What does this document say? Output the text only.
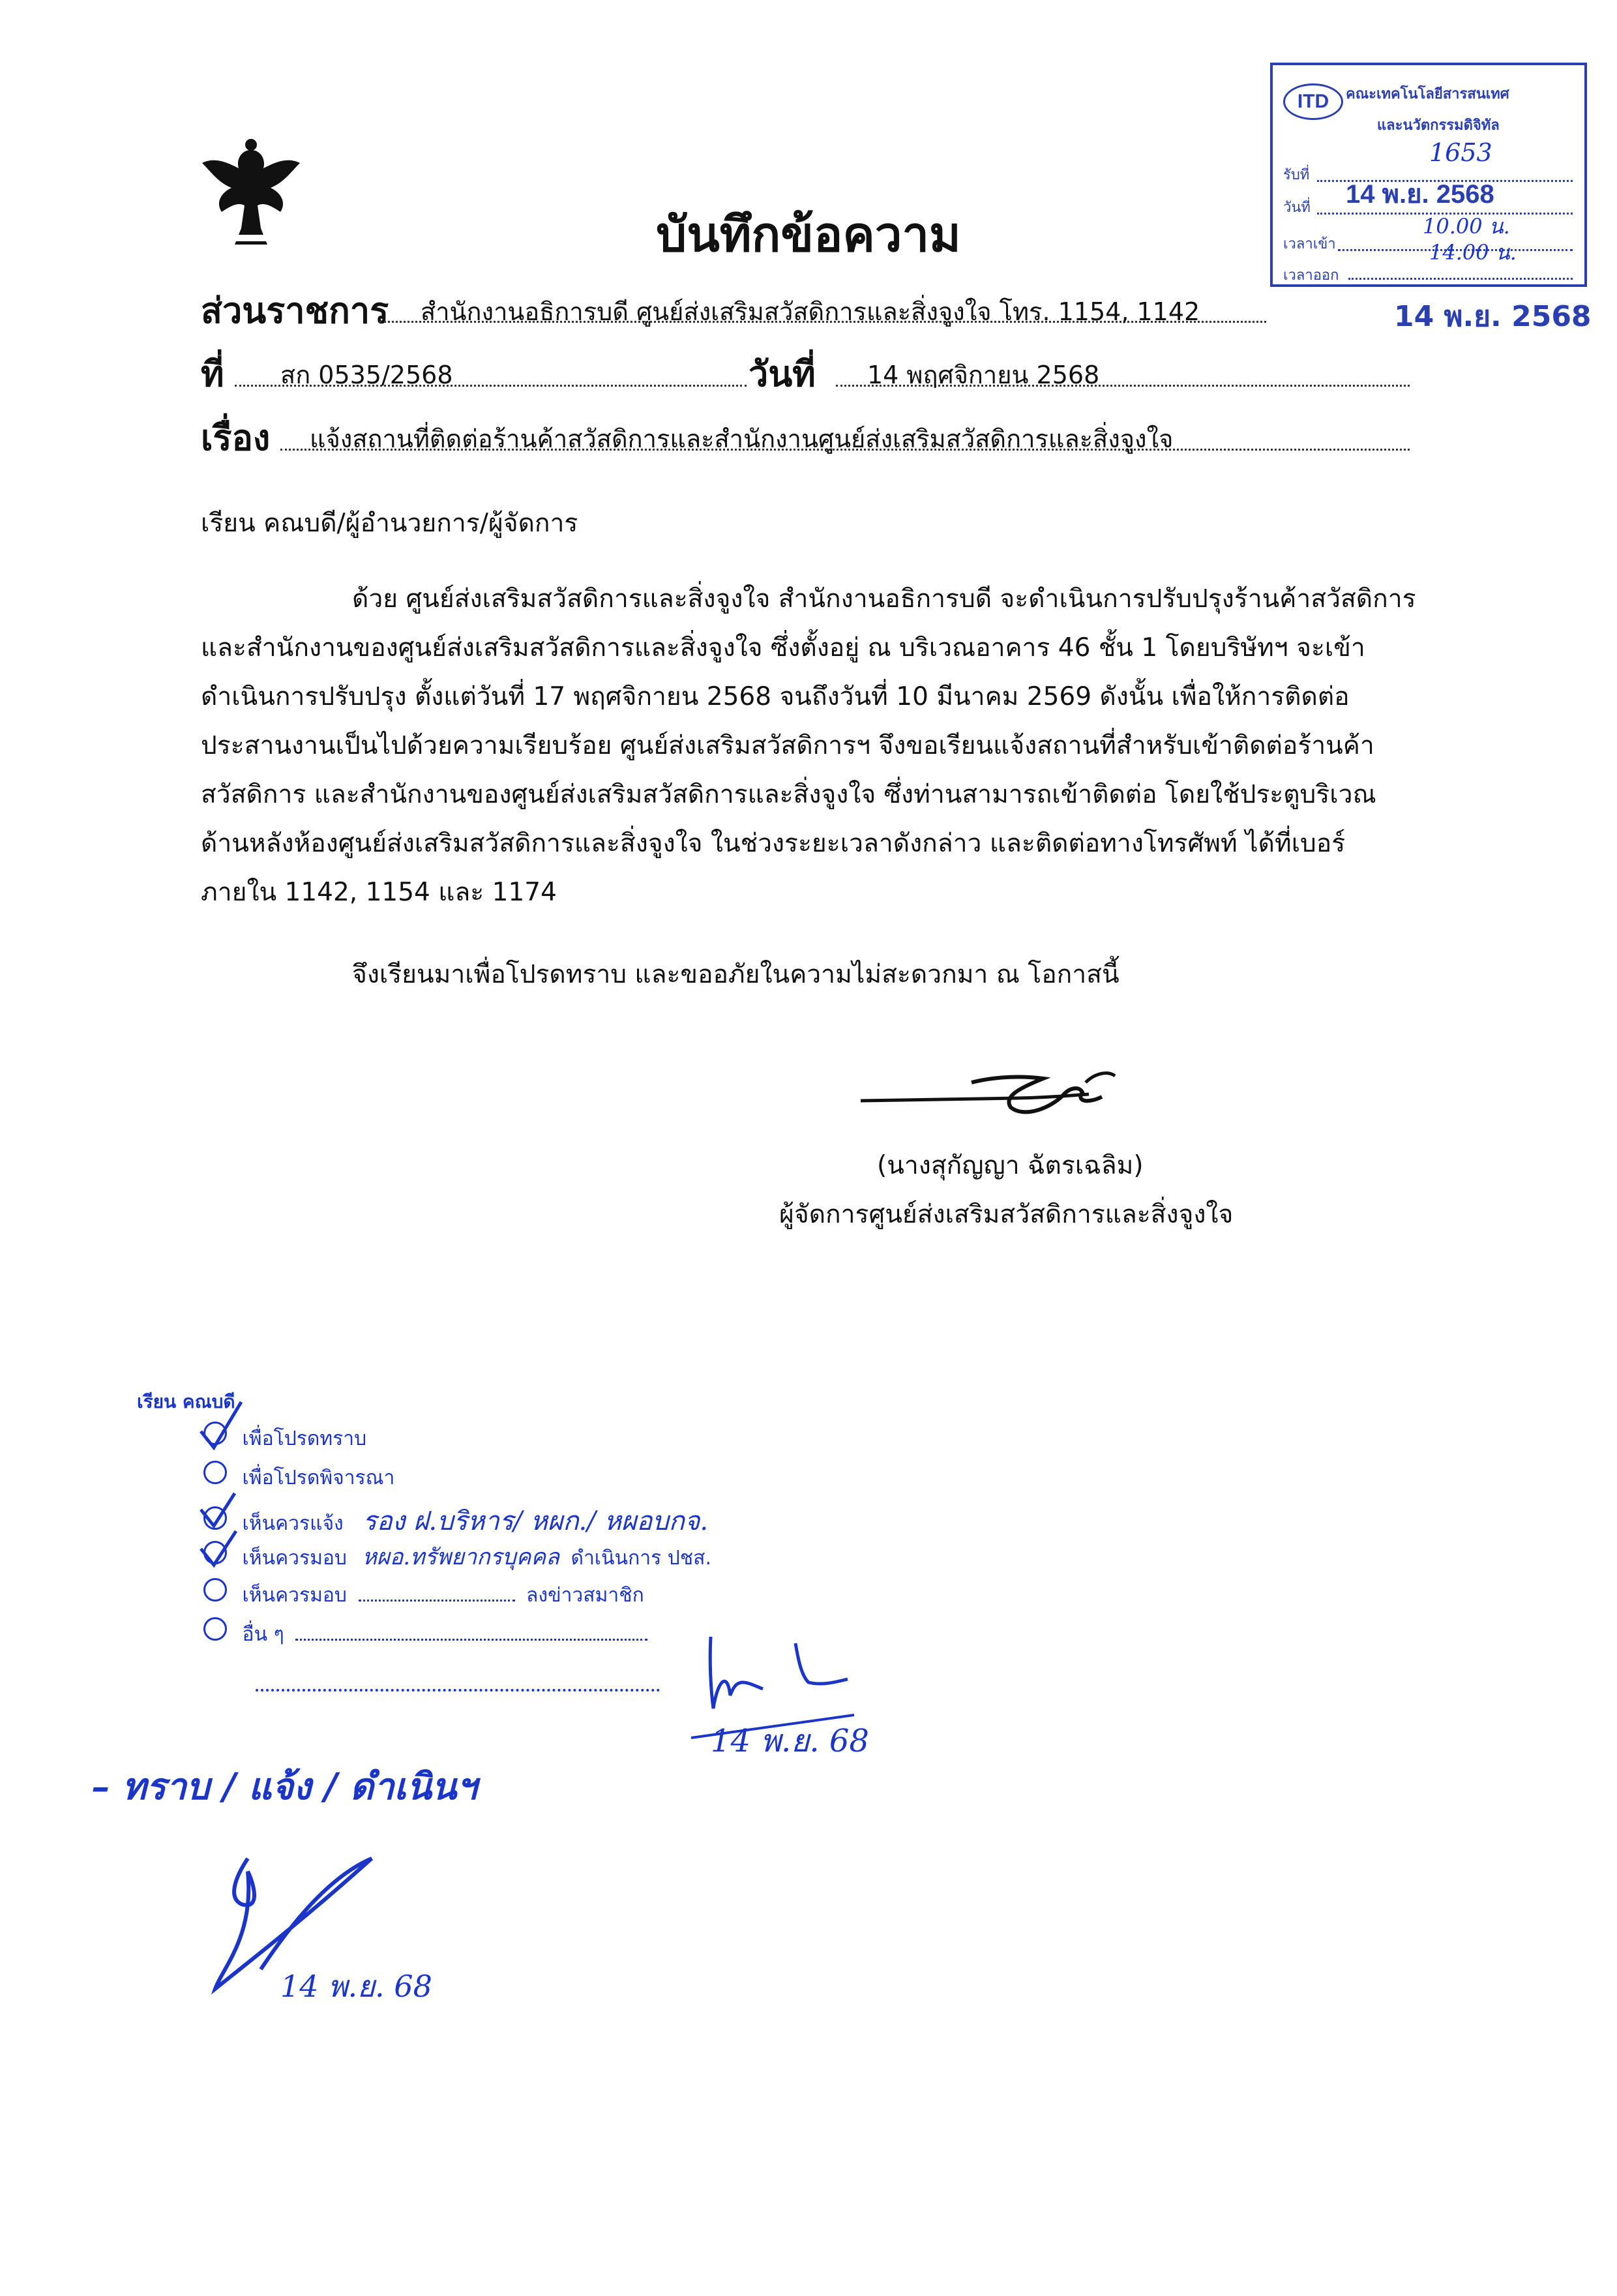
บันทึกข้อความ
ส่วนราชการ สำนักงานอธิการบดี ศูนย์ส่งเสริมสวัสดิการและสิ่งจูงใจ โทร. 1154, 1142
ที่ สก 0535/2568	วันที่ 14 พฤศจิกายน 2568
เรื่อง แจ้งสถานที่ติดต่อร้านค้าสวัสดิการและสำนักงานศูนย์ส่งเสริมสวัสดิการและสิ่งจูงใจ
เรียน คณบดี/ผู้อำนวยการ/ผู้จัดการ
ด้วย ศูนย์ส่งเสริมสวัสดิการและสิ่งจูงใจ สำนักงานอธิการบดี จะดำเนินการปรับปรุงร้านค้าสวัสดิการ
และสำนักงานของศูนย์ส่งเสริมสวัสดิการและสิ่งจูงใจ ซึ่งตั้งอยู่ ณ บริเวณอาคาร 46 ชั้น 1 โดยบริษัทฯ จะเข้า
ดำเนินการปรับปรุง ตั้งแต่วันที่ 17 พฤศจิกายน 2568 จนถึงวันที่ 10 มีนาคม 2569 ดังนั้น เพื่อให้การติดต่อ
ประสานงานเป็นไปด้วยความเรียบร้อย ศูนย์ส่งเสริมสวัสดิการฯ จึงขอเรียนแจ้งสถานที่สำหรับเข้าติดต่อร้านค้า
สวัสดิการ และสำนักงานของศูนย์ส่งเสริมสวัสดิการและสิ่งจูงใจ ซึ่งท่านสามารถเข้าติดต่อ โดยใช้ประตูบริเวณ
ด้านหลังห้องศูนย์ส่งเสริมสวัสดิการและสิ่งจูงใจ ในช่วงระยะเวลาดังกล่าว และติดต่อทางโทรศัพท์ ได้ที่เบอร์
ภายใน 1142, 1154 และ 1174
จึงเรียนมาเพื่อโปรดทราบ และขออภัยในความไม่สะดวกมา ณ โอกาสนี้
(นางสุกัญญา ฉัตรเฉลิม)
ผู้จัดการศูนย์ส่งเสริมสวัสดิการและสิ่งจูงใจ
ITD	คณะเทคโนโลยีสารสนเทศ
และนวัตกรรมดิจิทัล
รับที่
1653
วันที่ 14 พ.ย. 2568
เวลาเข้า
10.00 น.
เวลาออก
14.00 น.
14 พ.ย. 2568
เรียน คณบดี
เพื่อโปรดทราบ
เพื่อโปรดพิจารณา
เห็นควรแจ้ง รอง ฝ.บริหาร/ หผก./ หผอบกจ.
เห็นควรมอบ หผอ.ทรัพยากรบุคคล ดำเนินการ ปชส.
เห็นควรมอบ	ลงข่าวสมาชิก
อื่น ๆ
14 พ.ย. 68
– ทราบ / แจ้ง / ดำเนินฯ
14 พ.ย. 68
